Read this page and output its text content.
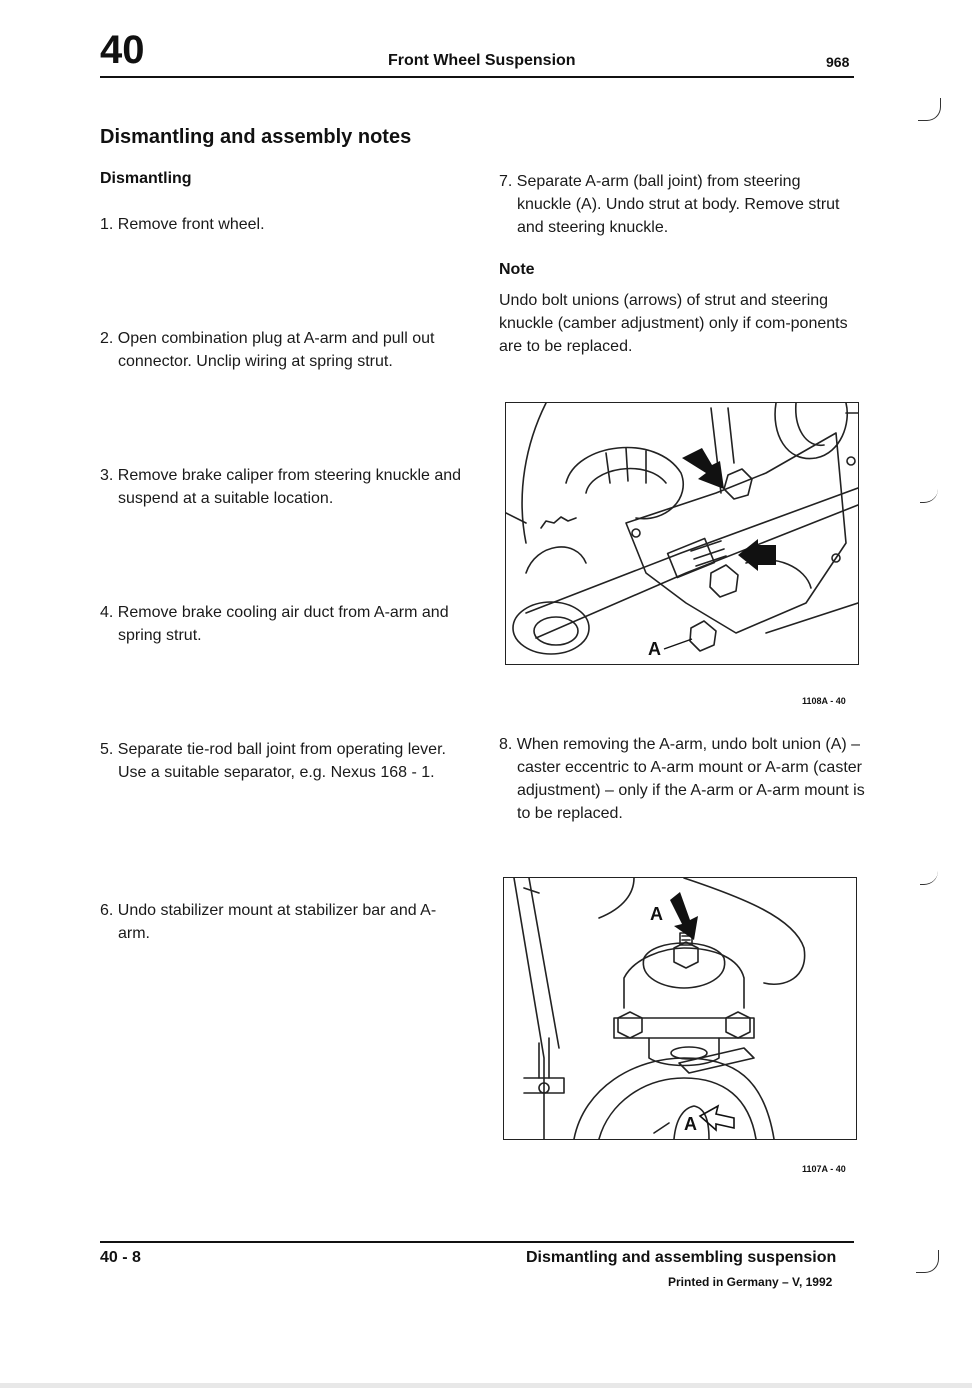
40	Front Wheel Suspension	968
Dismantling and assembly notes
Dismantling
1. Remove front wheel.
2. Open combination plug at A-arm and pull out connector. Unclip wiring at spring strut.
3. Remove brake caliper from steering knuckle and suspend at a suitable location.
4. Remove brake cooling air duct from A-arm and spring strut.
5. Separate tie-rod ball joint from operating lever. Use a suitable separator, e.g. Nexus 168 - 1.
6. Undo stabilizer mount at stabilizer bar and A-arm.
7. Separate A-arm (ball joint) from steering knuckle (A). Undo strut at body. Remove strut and steering knuckle.
Note
Undo bolt unions (arrows) of strut and steering knuckle (camber adjustment) only if com-ponents are to be replaced.
A
1108A - 40
8. When removing the A-arm, undo bolt union (A) – caster eccentric to A-arm mount or A-arm (caster adjustment) – only if the A-arm or A-arm mount is to be replaced.
A
A
1107A - 40
40 - 8	Dismantling and assembling suspension
Printed in Germany – V, 1992
